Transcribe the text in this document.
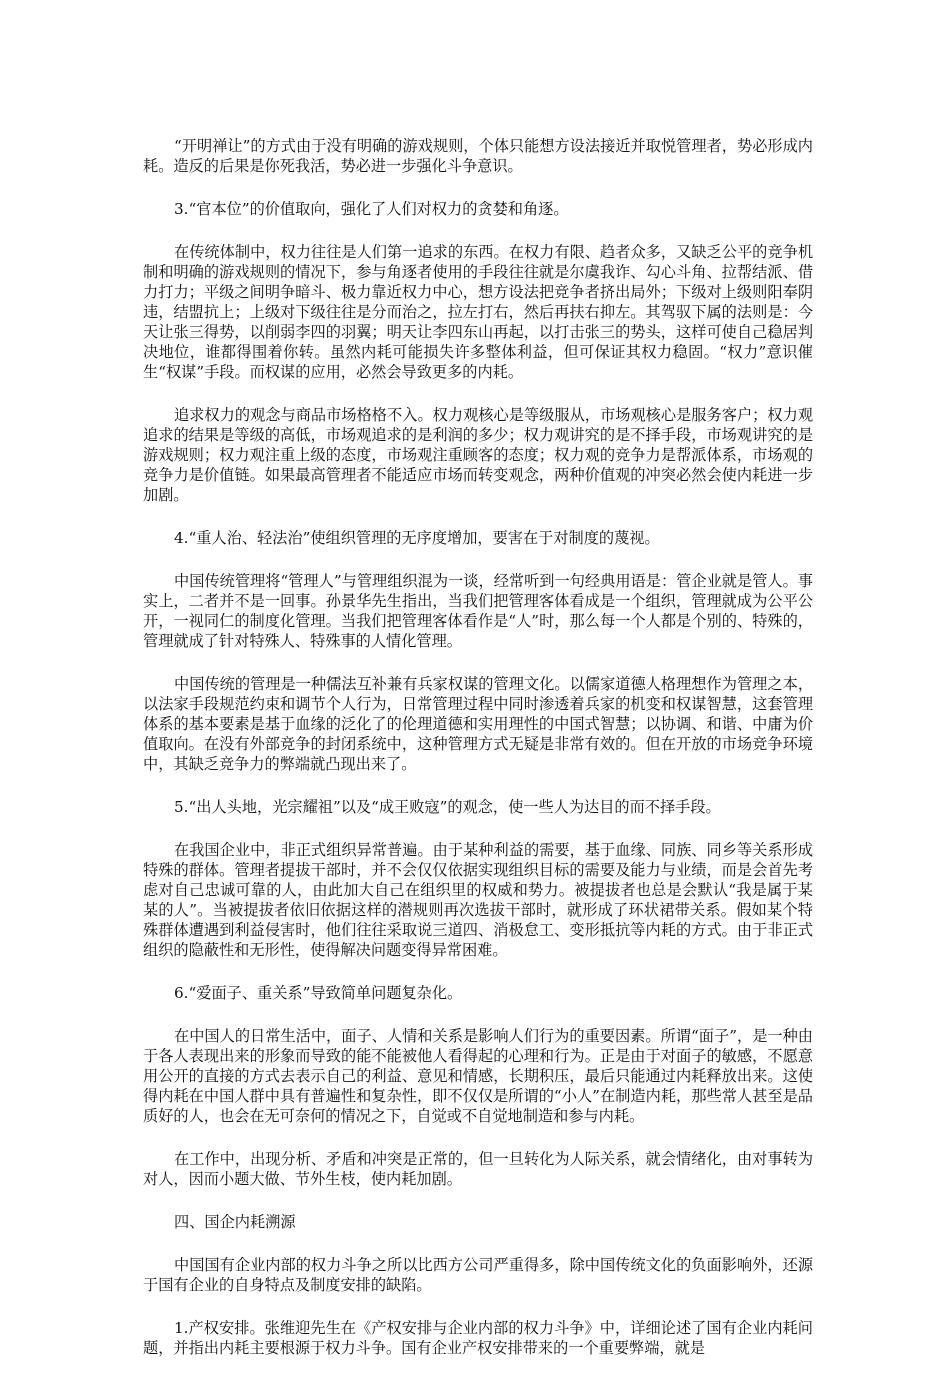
“开明禅让”的方式由于没有明确的游戏规则，个体只能想方设法接近并取悦管理者，势必形成内耗。造反的后果是你死我活，势必进一步强化斗争意识。

3.“官本位”的价值取向，强化了人们对权力的贪婪和角逐。

在传统体制中，权力往往是人们第一追求的东西。在权力有限、趋者众多，又缺乏公平的竞争机制和明确的游戏规则的情况下，参与角逐者使用的手段往往就是尔虞我诈、勾心斗角、拉帮结派、借力打力；平级之间明争暗斗、极力靠近权力中心，想方设法把竞争者挤出局外；下级对上级则阳奉阴违，结盟抗上；上级对下级往往是分而治之，拉左打右，然后再扶右抑左。其驾驭下属的法则是：今天让张三得势，以削弱李四的羽翼；明天让李四东山再起，以打击张三的势头，这样可使自己稳居判决地位，谁都得围着你转。虽然内耗可能损失许多整体利益，但可保证其权力稳固。“权力”意识催生“权谋”手段。而权谋的应用，必然会导致更多的内耗。

追求权力的观念与商品市场格格不入。权力观核心是等级服从，市场观核心是服务客户；权力观追求的结果是等级的高低，市场观追求的是利润的多少；权力观讲究的是不择手段，市场观讲究的是游戏规则；权力观注重上级的态度，市场观注重顾客的态度；权力观的竞争力是帮派体系，市场观的竞争力是价值链。如果最高管理者不能适应市场而转变观念，两种价值观的冲突必然会使内耗进一步加剧。

4.“重人治、轻法治”使组织管理的无序度增加，要害在于对制度的蔑视。

中国传统管理将“管理人”与管理组织混为一谈，经常听到一句经典用语是：管企业就是管人。事实上，二者并不是一回事。孙景华先生指出，当我们把管理客体看成是一个组织，管理就成为公平公开，一视同仁的制度化管理。当我们把管理客体看作是“人”时，那么每一个人都是个别的、特殊的，管理就成了针对特殊人、特殊事的人情化管理。

中国传统的管理是一种儒法互补兼有兵家权谋的管理文化。以儒家道德人格理想作为管理之本，以法家手段规范约束和调节个人行为，日常管理过程中同时渗透着兵家的机变和权谋智慧，这套管理体系的基本要素是基于血缘的泛化了的伦理道德和实用理性的中国式智慧；以协调、和谐、中庸为价值取向。在没有外部竞争的封闭系统中，这种管理方式无疑是非常有效的。但在开放的市场竞争环境中，其缺乏竞争力的弊端就凸现出来了。

5.“出人头地，光宗耀祖”以及“成王败寇”的观念，使一些人为达目的而不择手段。

在我国企业中，非正式组织异常普遍。由于某种利益的需要，基于血缘、同族、同乡等关系形成特殊的群体。管理者提拔干部时，并不会仅仅依据实现组织目标的需要及能力与业绩，而是会首先考虑对自己忠诚可靠的人，由此加大自己在组织里的权威和势力。被提拔者也总是会默认“我是属于某某的人”。当被提拔者依旧依据这样的潜规则再次选拔干部时，就形成了环状裙带关系。假如某个特殊群体遭遇到利益侵害时，他们往往采取说三道四、消极怠工、变形抵抗等内耗的方式。由于非正式组织的隐蔽性和无形性，使得解决问题变得异常困难。

6.“爱面子、重关系”导致简单问题复杂化。

在中国人的日常生活中，面子、人情和关系是影响人们行为的重要因素。所谓“面子”，是一种由于各人表现出来的形象而导致的能不能被他人看得起的心理和行为。正是由于对面子的敏感，不愿意用公开的直接的方式去表示自己的利益、意见和情感，长期积压，最后只能通过内耗释放出来。这使得内耗在中国人群中具有普遍性和复杂性，即不仅仅是所谓的“小人”在制造内耗，那些常人甚至是品质好的人，也会在无可奈何的情况之下，自觉或不自觉地制造和参与内耗。

在工作中，出现分析、矛盾和冲突是正常的，但一旦转化为人际关系，就会情绪化，由对事转为对人，因而小题大做、节外生枝，使内耗加剧。

四、国企内耗溯源

中国国有企业内部的权力斗争之所以比西方公司严重得多，除中国传统文化的负面影响外，还源于国有企业的自身特点及制度安排的缺陷。

1.产权安排。张维迎先生在《产权安排与企业内部的权力斗争》中，详细论述了国有企业内耗问题，并指出内耗主要根源于权力斗争。国有企业产权安排带来的一个重要弊端，就是
